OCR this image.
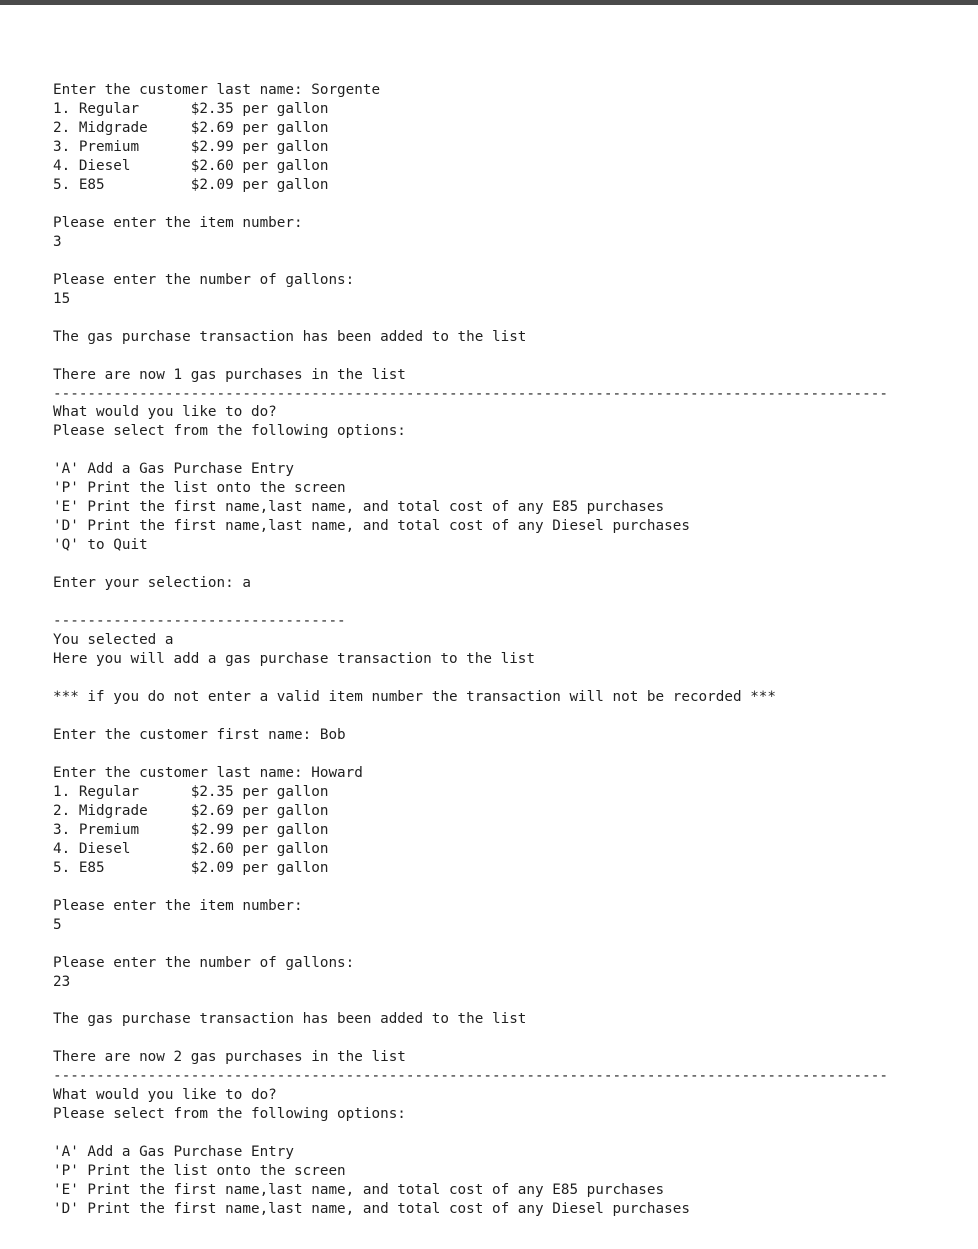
Enter the customer last name: Sorgente
1. Regular      $2.35 per gallon
2. Midgrade     $2.69 per gallon
3. Premium      $2.99 per gallon
4. Diesel       $2.60 per gallon
5. E85          $2.09 per gallon
Please enter the item number:
3
Please enter the number of gallons:
15
The gas purchase transaction has been added to the list
There are now 1 gas purchases in the list
-------------------------------------------------------------------------------------------------
What would you like to do?
Please select from the following options:
'A' Add a Gas Purchase Entry
'P' Print the list onto the screen
'E' Print the first name,last name, and total cost of any E85 purchases
'D' Print the first name,last name, and total cost of any Diesel purchases
'Q' to Quit
Enter your selection: a
----------------------------------
You selected a
Here you will add a gas purchase transaction to the list
*** if you do not enter a valid item number the transaction will not be recorded ***
Enter the customer first name: Bob
Enter the customer last name: Howard
1. Regular      $2.35 per gallon
2. Midgrade     $2.69 per gallon
3. Premium      $2.99 per gallon
4. Diesel       $2.60 per gallon
5. E85          $2.09 per gallon
Please enter the item number:
5
Please enter the number of gallons:
23
The gas purchase transaction has been added to the list
There are now 2 gas purchases in the list
-------------------------------------------------------------------------------------------------
What would you like to do?
Please select from the following options:
'A' Add a Gas Purchase Entry
'P' Print the list onto the screen
'E' Print the first name,last name, and total cost of any E85 purchases
'D' Print the first name,last name, and total cost of any Diesel purchases
